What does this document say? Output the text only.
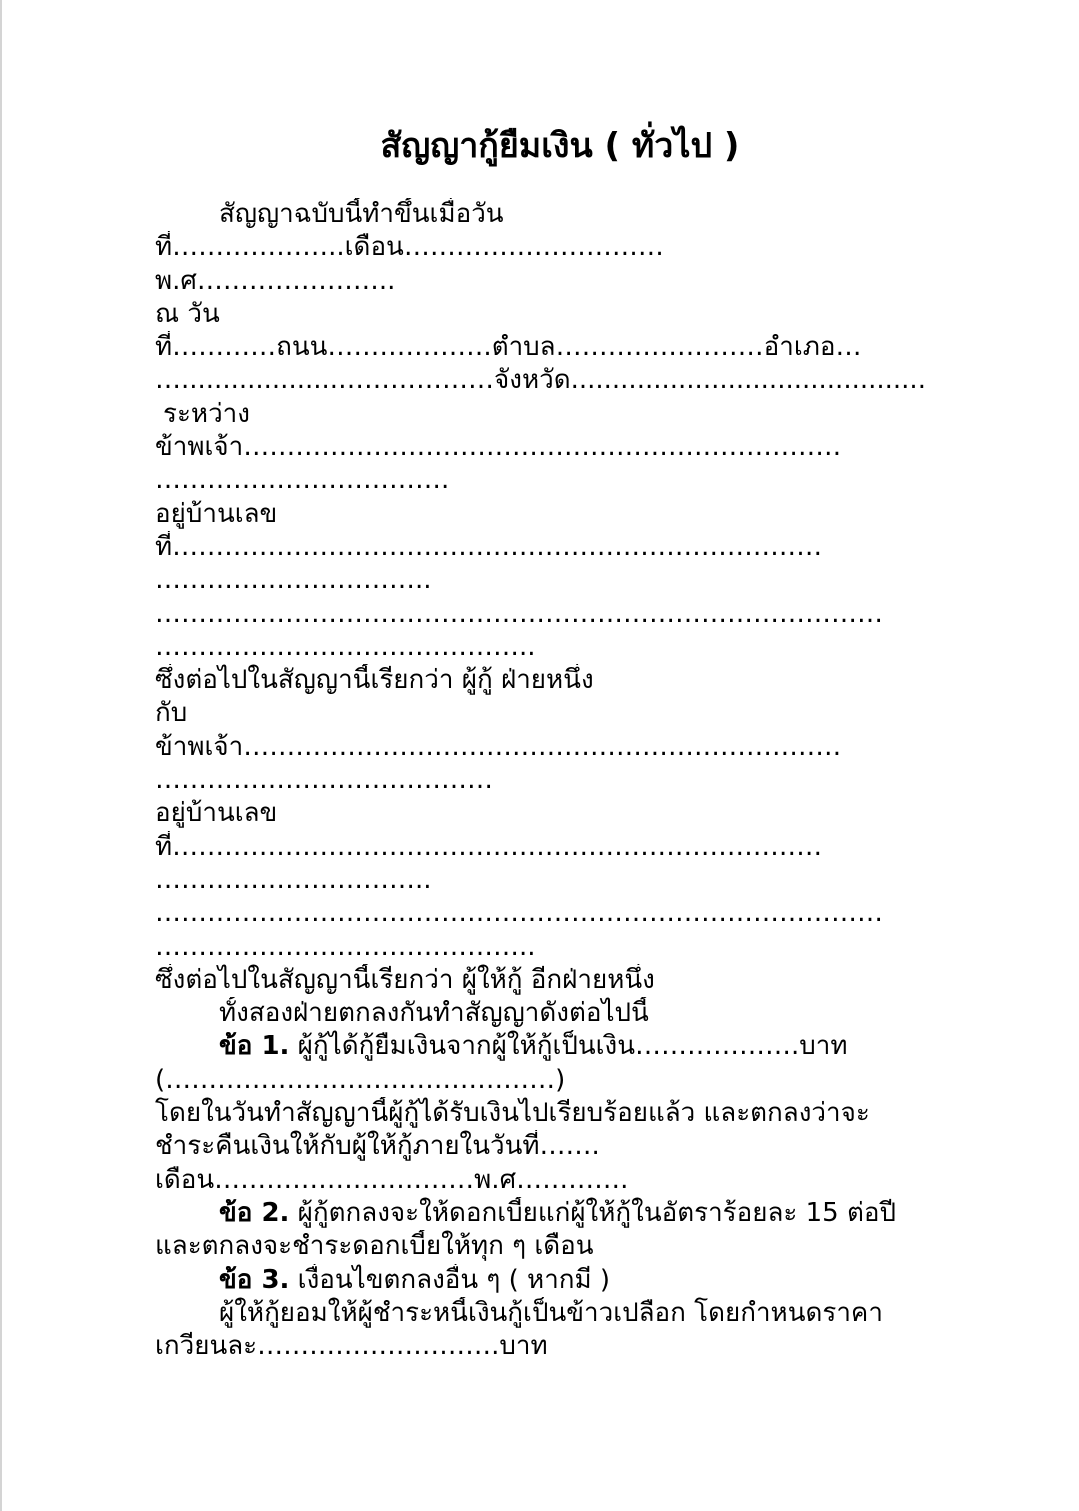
สัญญากู้ยืมเงิน ( ทั่วไป )
สัญญาฉบับนี้ทำขึ้นเมื่อวัน
ที่………………..เดือน…………………………
พ.ศ…………………..
ณ วัน
ที่…………ถนน……………….ตำบล……………………อำเภอ…
…...................………………จังหวัด...........................................
ระหว่าง
ข้าพเจ้า……………………………………………………………
…………………………….
อยู่บ้านเลข
ที่…………………………………………………………………
…………………………..
…………………………………………………………………………
……………………………………..
ซึ่งต่อไปในสัญญานี้เรียกว่า ผู้กู้ ฝ่ายหนึ่ง
กับ
ข้าพเจ้า……………………………………………………………
…………………………………
อยู่บ้านเลข
ที่…………………………………………………………………
…………………………..
…………………………………………………………………………
……………………………………..
ซึ่งต่อไปในสัญญานี้เรียกว่า ผู้ให้กู้ อีกฝ่ายหนึ่ง
ทั้งสองฝ่ายตกลงกันทำสัญญาดังต่อไปนี้
ข้อ 1. ผู้กู้ได้กู้ยืมเงินจากผู้ให้กู้เป็นเงิน……………….บาท
(………………………………………)
โดยในวันทำสัญญานี้ผู้กู้ได้รับเงินไปเรียบร้อยแล้ว และตกลงว่าจะ
ชำระคืนเงินให้กับผู้ให้กู้ภายในวันที่…….
เดือน…………………………พ.ศ………….
ข้อ 2. ผู้กู้ตกลงจะให้ดอกเบี้ยแก่ผู้ให้กู้ในอัตราร้อยละ 15 ต่อปี
และตกลงจะชำระดอกเบี้ยให้ทุก ๆ เดือน
ข้อ 3. เงื่อนไขตกลงอื่น ๆ ( หากมี )
ผู้ให้กู้ยอมให้ผู้ชำระหนี้เงินกู้เป็นข้าวเปลือก โดยกำหนดราคา
เกวียนละ……………………….บาท
